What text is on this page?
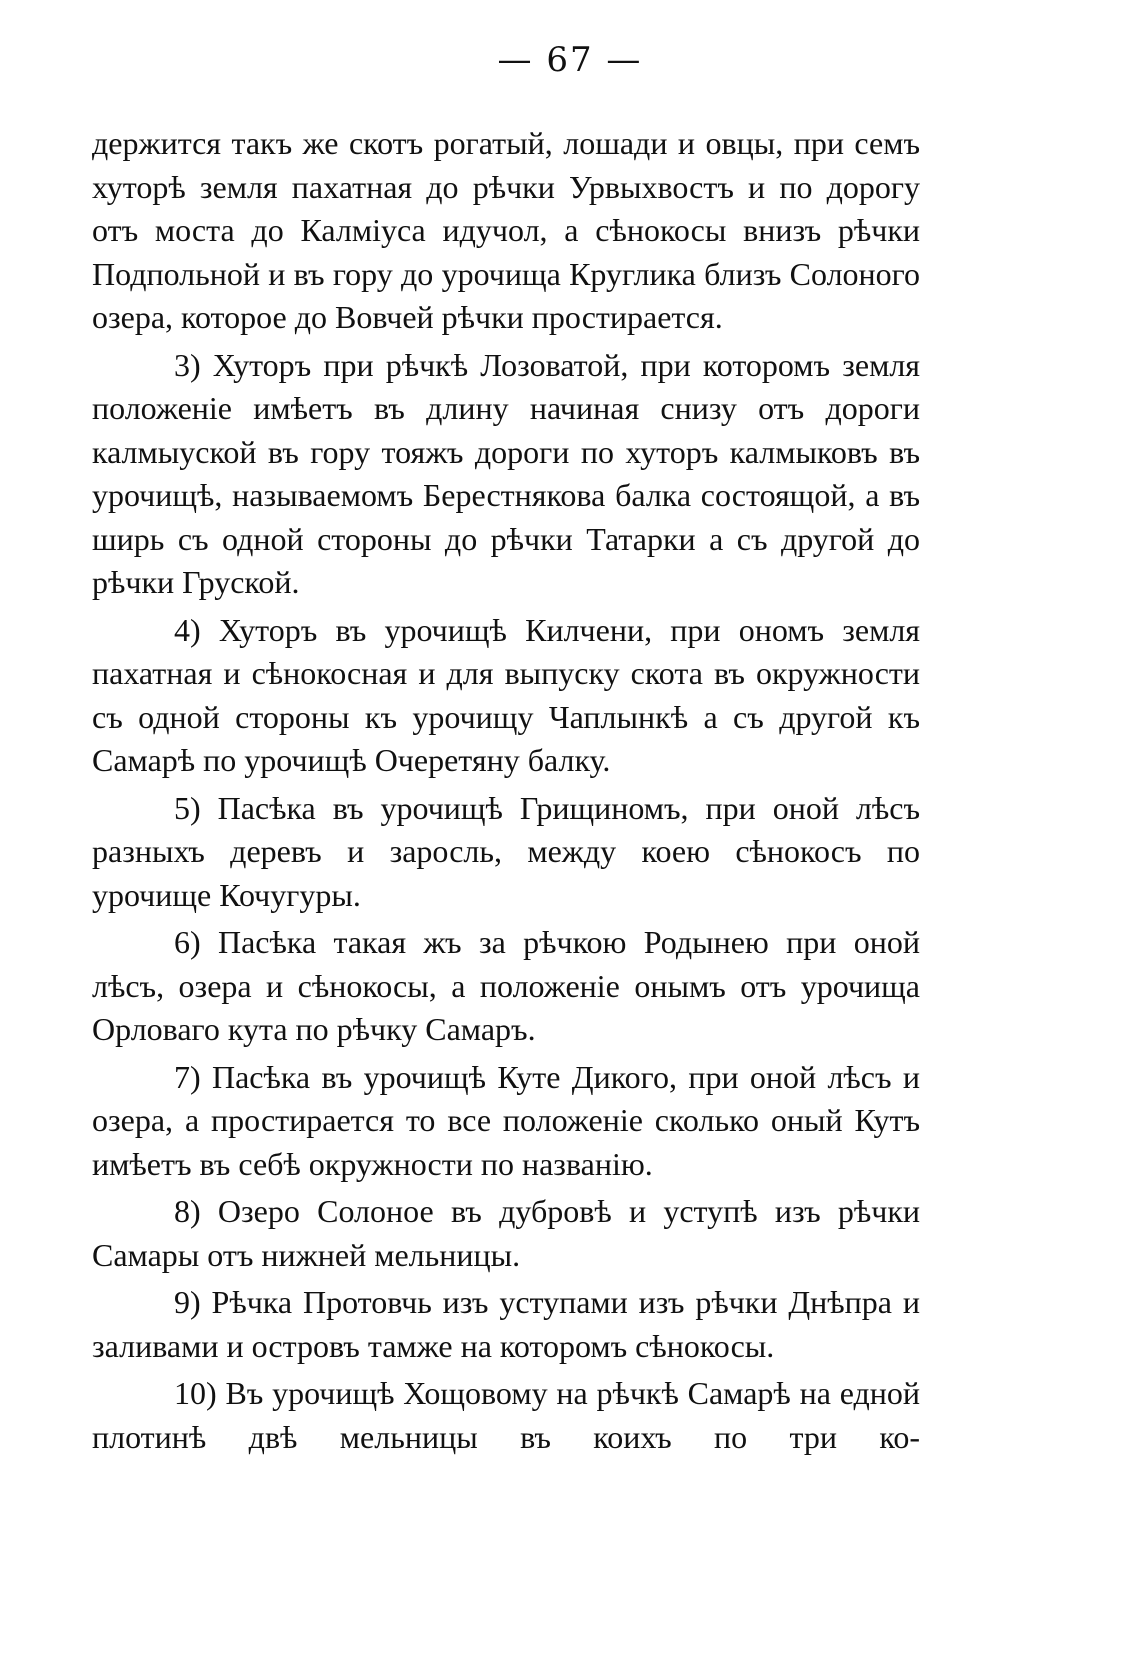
— 67 —

держится такъ же скотъ рогатый, лошади и овцы, при семъ хуторѣ земля пахатная до рѣчки Урвыхвостъ и по дорогу отъ моста до Калміуса идучол, а сѣнокосы внизъ рѣчки Подпольной и въ гору до урочища Круглика близъ Солоного озера, которое до Вовчей рѣчки простирается.

3) Хуторъ при рѣчкѣ Лозоватой, при которомъ земля положеніе имѣетъ въ длину начиная снизу отъ дороги калмыуской въ гору тояжъ дороги по хуторъ калмыковъ въ урочищѣ, называемомъ Берестнякова балка состоящой, а въ ширь съ одной стороны до рѣчки Татарки а съ другой до рѣчки Груской.

4) Хуторъ въ урочищѣ Килчени, при ономъ земля пахатная и сѣнокосная и для выпуску скота въ окружности съ одной стороны къ урочищу Чаплынкѣ а съ другой къ Самарѣ по урочищѣ Очеретяну балку.

5) Пасѣка въ урочищѣ Грищиномъ, при оной лѣсъ разныхъ деревъ и заросль, между коею сѣнокосъ по урочище Кочугуры.

6) Пасѣка такая жъ за рѣчкою Родынею при оной лѣсъ, озера и сѣнокосы, а положеніе онымъ отъ урочища Орловаго кута по рѣчку Самаръ.

7) Пасѣка въ урочищѣ Куте Дикого, при оной лѣсъ и озера, а простирается то все положеніе сколько оный Кутъ имѣетъ въ себѣ окружности по названію.

8) Озеро Солоное въ дубровѣ и уступѣ изъ рѣчки Самары отъ нижней мельницы.

9) Рѣчка Протовчь изъ уступами изъ рѣчки Днѣпра и заливами и островъ тамже на которомъ сѣнокосы.

10) Въ урочищѣ Хощовому на рѣчкѣ Самарѣ на едной плотинѣ двѣ мельницы въ коихъ по три ко-
